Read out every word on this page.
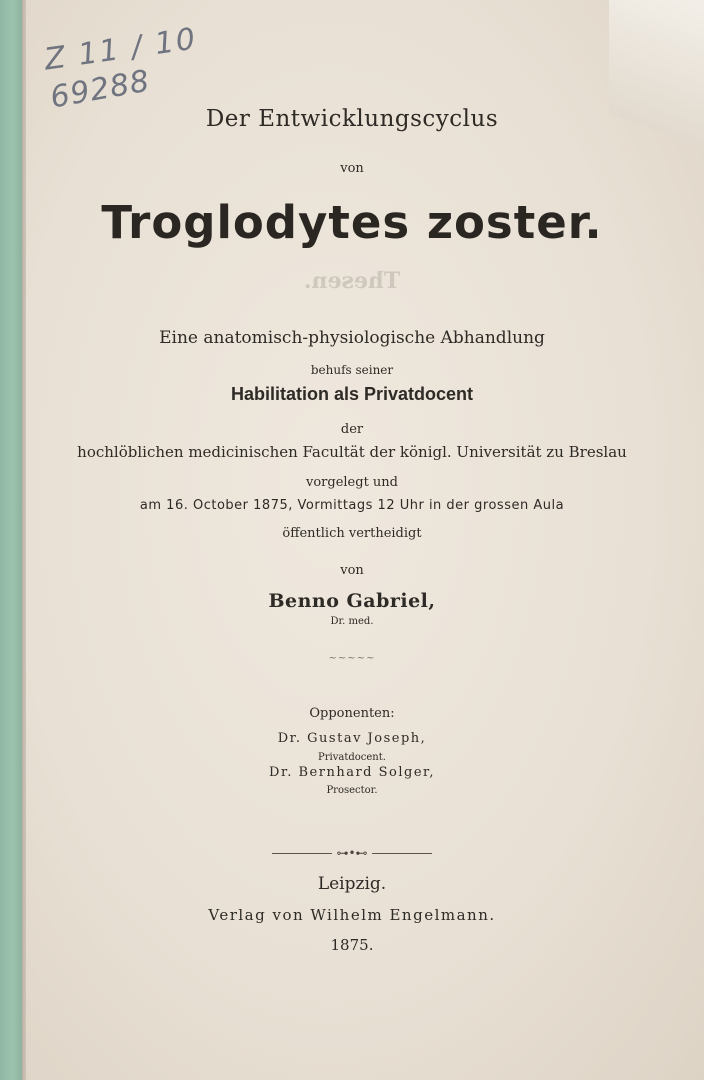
Z 11 / 10
69288
Thesen.
Der Entwicklungscyclus
von
Troglodytes zoster.
Eine anatomisch-physiologische Abhandlung
behufs seiner
Habilitation als Privatdocent
der
hochlöblichen medicinischen Facultät der königl. Universität zu Breslau
vorgelegt und
am 16. October 1875, Vormittags 12 Uhr in der grossen Aula
öffentlich vertheidigt
von
Benno Gabriel,
Dr. med.
~~~~~
Opponenten:
Dr. Gustav Joseph,
Privatdocent.
Dr. Bernhard Solger,
Prosector.
⊶•⊷
Leipzig.
Verlag von Wilhelm Engelmann.
1875.
